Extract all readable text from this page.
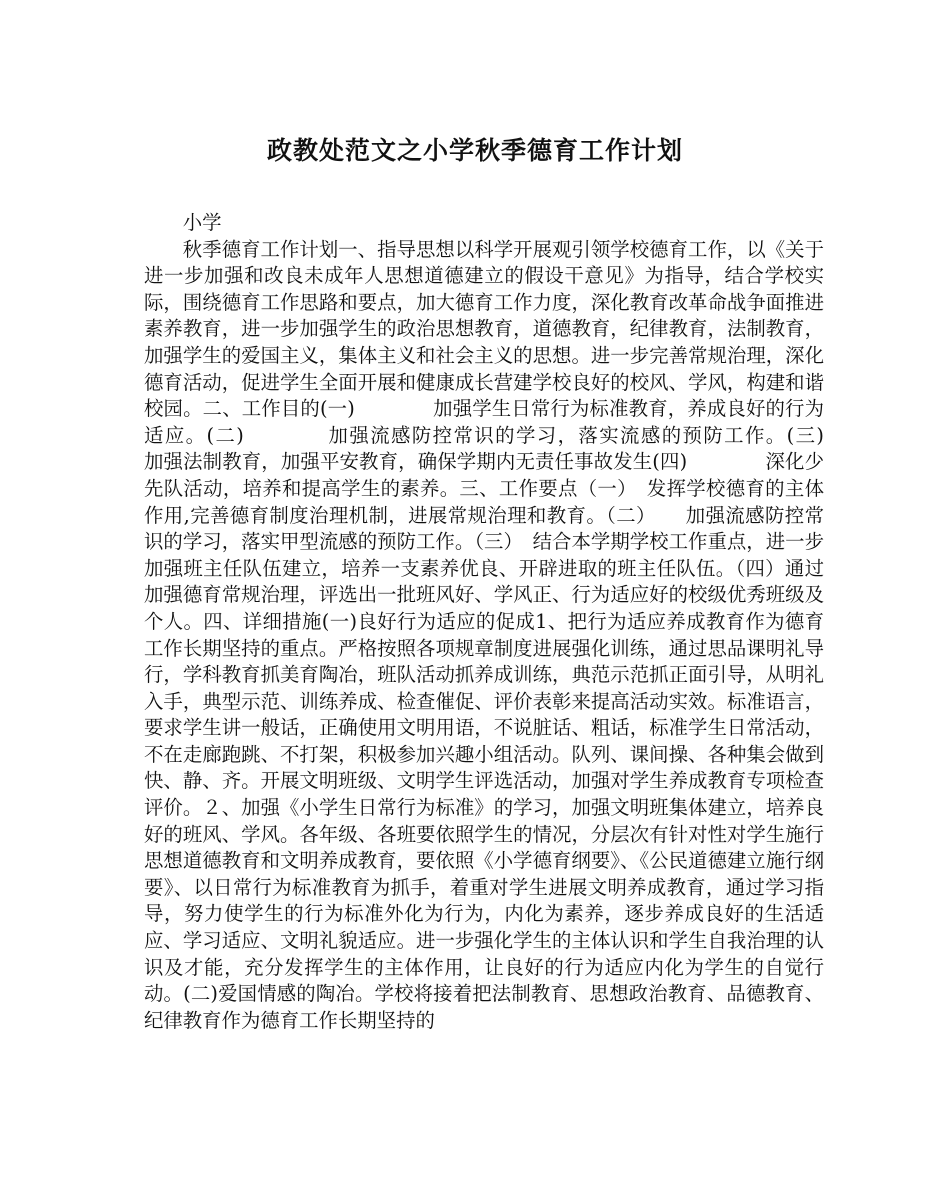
政教处范文之小学秋季德育工作计划

小学

秋季德育工作计划一、指导思想以科学开展观引领学校德育工作，以《关于进一步加强和改良未成年人思想道德建立的假设干意见》为指导，结合学校实际，围绕德育工作思路和要点，加大德育工作力度，深化教育改革命战争面推进素养教育，进一步加强学生的政治思想教育，道德教育，纪律教育，法制教育，加强学生的爱国主义，集体主义和社会主义的思想。进一步完善常规治理，深化德育活动，促进学生全面开展和健康成长营建学校良好的校风、学风，构建和谐校园。二、工作目的(一)　　　　加强学生日常行为标准教育，养成良好的行为适应。(二)　　　　加强流感防控常识的学习，落实流感的预防工作。(三)　　　　加强法制教育，加强平安教育，确保学期内无责任事故发生(四)　　　　深化少先队活动，培养和提高学生的素养。三、工作要点（一）　发挥学校德育的主体作用,完善德育制度治理机制，进展常规治理和教育。（二）　　加强流感防控常识的学习，落实甲型流感的预防工作。（三）　结合本学期学校工作重点，进一步加强班主任队伍建立，培养一支素养优良、开辟进取的班主任队伍。（四）通过加强德育常规治理，评选出一批班风好、学风正、行为适应好的校级优秀班级及个人。四、详细措施(一)良好行为适应的促成1、把行为适应养成教育作为德育工作长期坚持的重点。严格按照各项规章制度进展强化训练，通过思品课明礼导行，学科教育抓美育陶冶，班队活动抓养成训练，典范示范抓正面引导，从明礼入手，典型示范、训练养成、检查催促、评价表彰来提高活动实效。标准语言，要求学生讲一般话，正确使用文明用语，不说脏话、粗话，标准学生日常活动，不在走廊跑跳、不打架，积极参加兴趣小组活动。队列、课间操、各种集会做到快、静、齐。开展文明班级、文明学生评选活动，加强对学生养成教育专项检查评价。２、加强《小学生日常行为标准》的学习，加强文明班集体建立，培养良好的班风、学风。各年级、各班要依照学生的情况，分层次有针对性对学生施行思想道德教育和文明养成教育，要依照《小学德育纲要》、《公民道德建立施行纲要》、以日常行为标准教育为抓手，着重对学生进展文明养成教育，通过学习指导，努力使学生的行为标准外化为行为，内化为素养，逐步养成良好的生活适应、学习适应、文明礼貌适应。进一步强化学生的主体认识和学生自我治理的认识及才能，充分发挥学生的主体作用，让良好的行为适应内化为学生的自觉行动。(二)爱国情感的陶冶。学校将接着把法制教育、思想政治教育、品德教育、纪律教育作为德育工作长期坚持的
